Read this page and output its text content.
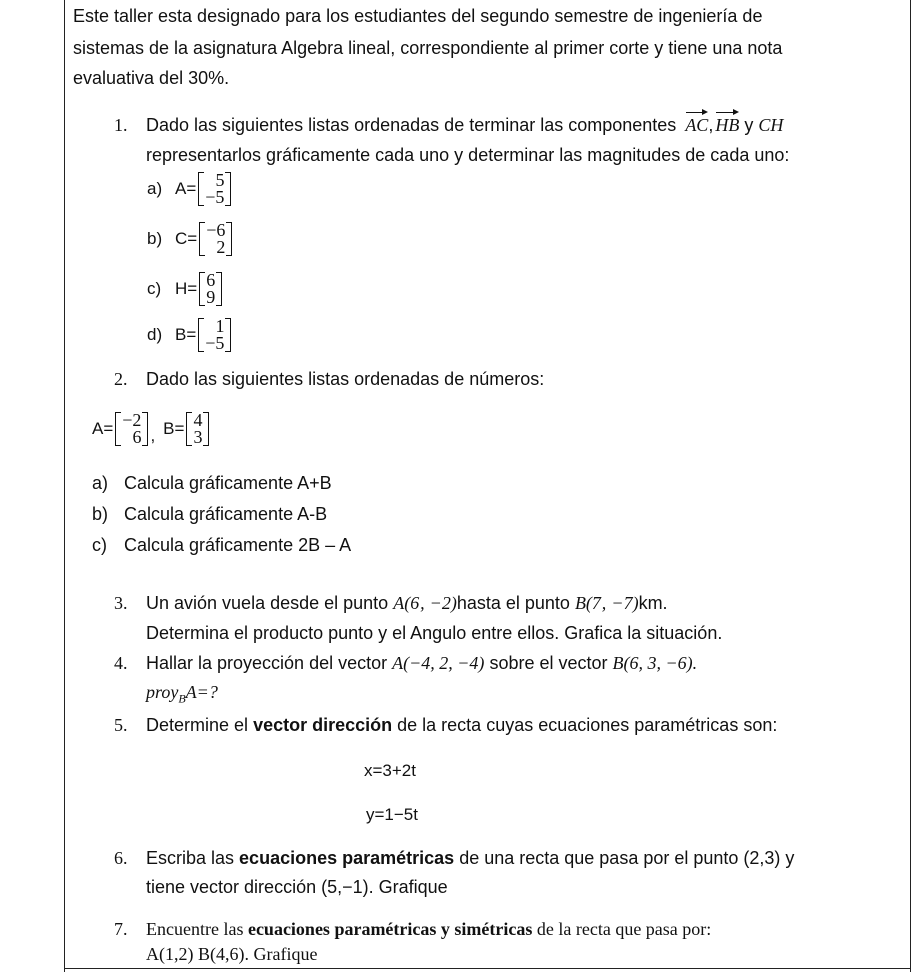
Este taller esta designado para los estudiantes del segundo semestre de ingeniería de
sistemas de la asignatura Algebra lineal, correspondiente al primer corte y tiene una nota
evaluativa del 30%.
1. Dado las siguientes listas ordenadas de terminar las componentes AC, HB y CH
representarlos gráficamente cada uno y determinar las magnitudes de cada uno:
a) A= 5
−5
b) C= −6
2
c) H= 6
9
d) B= 1
−5
2. Dado las siguientes listas ordenadas de números:
A= −2
6 , B= 4
3
a) Calcula gráficamente A+B
b) Calcula gráficamente A-B
c) Calcula gráficamente 2B – A
3. Un avión vuela desde el punto A(6‚ −2)hasta el punto B(7‚ −7)km.
Determina el producto punto y el Angulo entre ellos. Grafica la situación.
4. Hallar la proyección del vector A(−4, 2, −4) sobre el vector B(6, 3, −6).
proy$_B$A=?
5. Determine el vector dirección de la recta cuyas ecuaciones paramétricas son:
x=3+2t
y=1−5t
6. Escriba las ecuaciones paramétricas de una recta que pasa por el punto (2,3) y
tiene vector dirección (5,−1). Grafique
7. Encuentre las ecuaciones paramétricas y simétricas de la recta que pasa por:
A(1,2) B(4,6). Grafique
